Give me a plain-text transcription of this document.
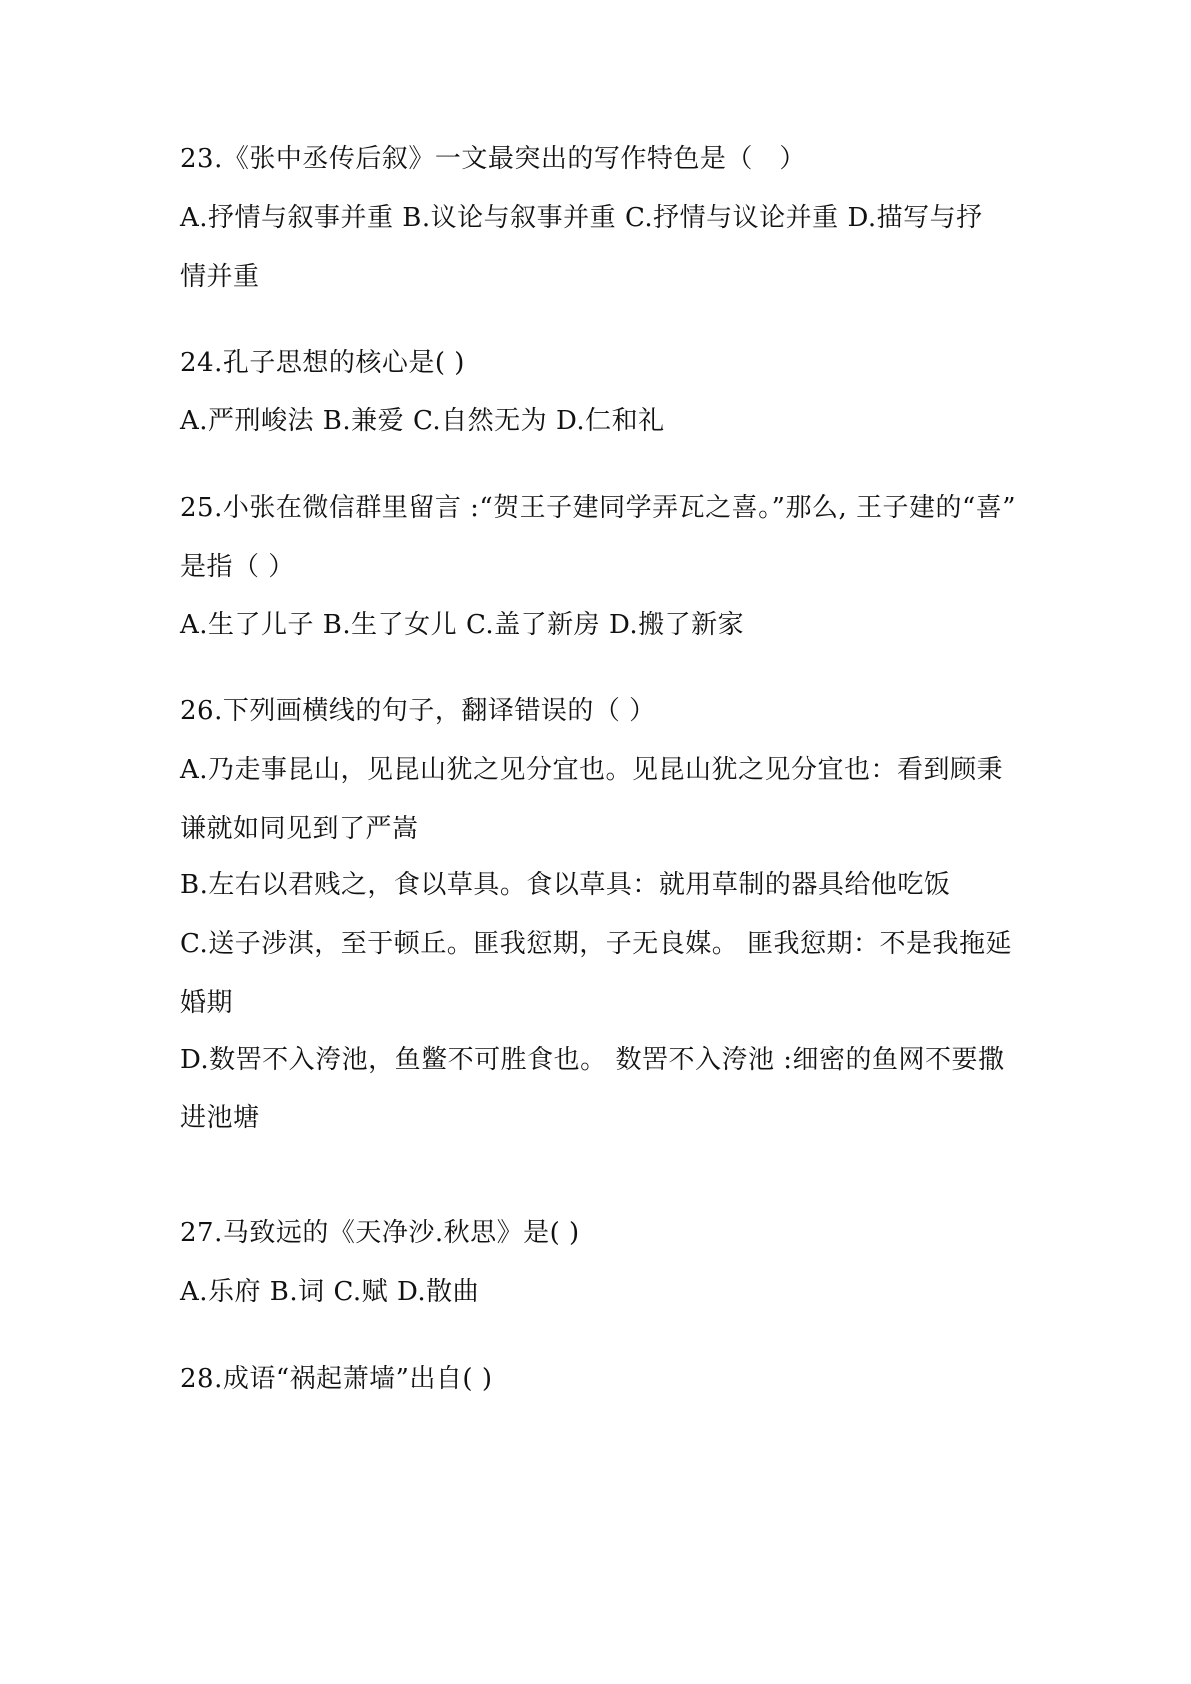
23.《张中丞传后叙》一文最突出的写作特色是（　）
A.抒情与叙事并重 B.议论与叙事并重 C.抒情与议论并重 D.描写与抒
情并重
24.孔子思想的核心是( )
A.严刑峻法 B.兼爱 C.自然无为 D.仁和礼
25.小张在微信群里留言 :“贺王子建同学弄瓦之喜。”那么, 王子建的“喜”
是指（ ）
A.生了儿子 B.生了女儿 C.盖了新房 D.搬了新家
26.下列画横线的句子，翻译错误的（ ）
A.乃走事昆山，见昆山犹之见分宜也。见昆山犹之见分宜也：看到顾秉
谦就如同见到了严嵩
B.左右以君贱之，食以草具。食以草具：就用草制的器具给他吃饭
C.送子涉淇，至于顿丘。匪我愆期，子无良媒。 匪我愆期：不是我拖延
婚期
D.数罟不入洿池，鱼鳖不可胜食也。 数罟不入洿池 :细密的鱼网不要撒
进池塘
27.马致远的《天净沙.秋思》是( )
A.乐府 B.词 C.赋 D.散曲
28.成语“祸起萧墙”出自( )
